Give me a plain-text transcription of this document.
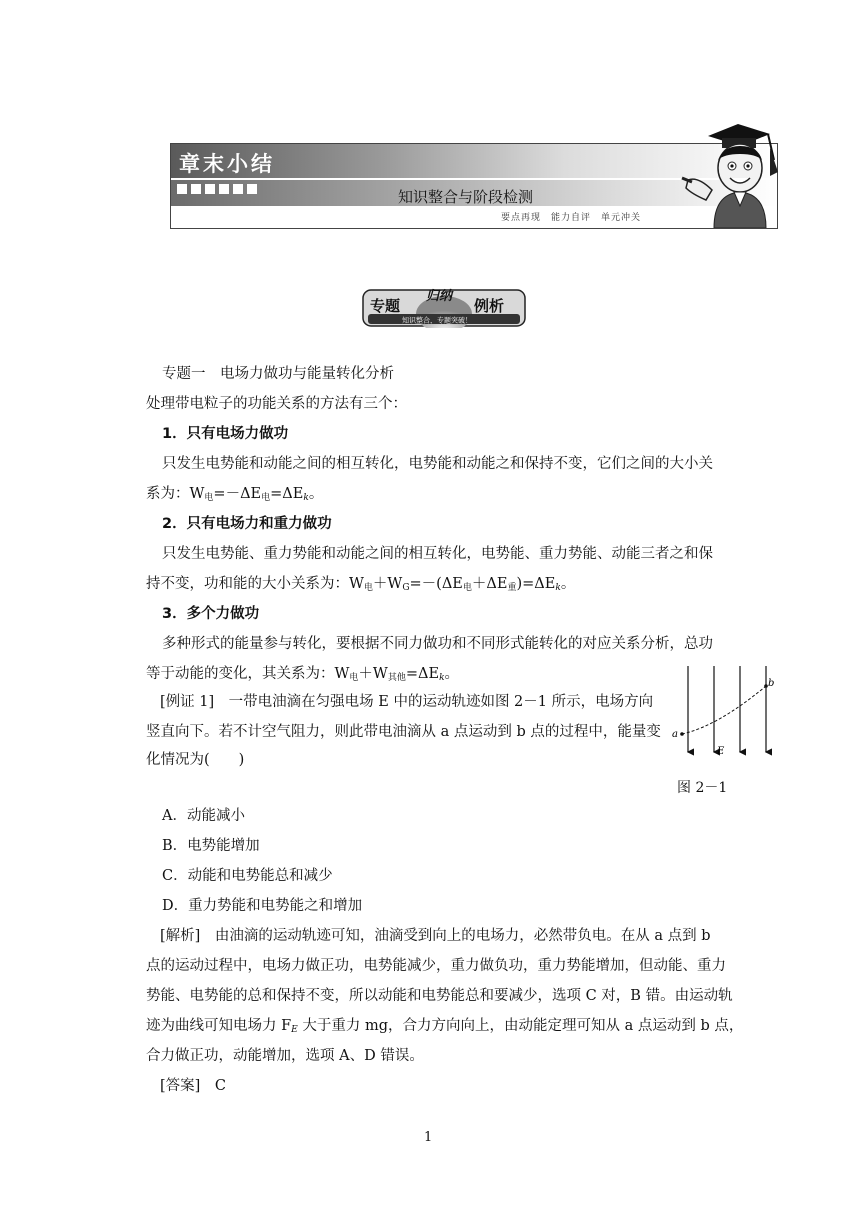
章末小结
知识整合与阶段检测
要点再现　能力自评　单元冲关
专题
归纳
例析
知识整合，专题突破！
专题一　电场力做功与能量转化分析
处理带电粒子的功能关系的方法有三个：
1．只有电场力做功
只发生电势能和动能之间的相互转化，电势能和动能之和保持不变，它们之间的大小关
系为：$W_电=-\Delta E_电=\Delta E_k$。
2．只有电场力和重力做功
只发生电势能、重力势能和动能之间的相互转化，电势能、重力势能、动能三者之和保
持不变，功和能的大小关系为：$W_电+W_G=-(\Delta E_电+\Delta E_重)=\Delta E_k$。
3．多个力做功
多种形式的能量参与转化，要根据不同力做功和不同形式能转化的对应关系分析，总功
等于动能的变化，其关系为：$W_电+W_{其他}=\Delta E_k$。
[例证 1]　一带电油滴在匀强电场 E 中的运动轨迹如图 2－1 所示，电场方向
竖直向下。若不计空气阻力，则此带电油滴从 a 点运动到 b 点的过程中，能量变
化情况为(　　)
a
b
E
图 2－1
A．动能减小
B．电势能增加
C．动能和电势能总和减少
D．重力势能和电势能之和增加
[解析]　由油滴的运动轨迹可知，油滴受到向上的电场力，必然带负电。在从 a 点到 b
点的运动过程中，电场力做正功，电势能减少，重力做负功，重力势能增加，但动能、重力
势能、电势能的总和保持不变，所以动能和电势能总和要减少，选项 C 对，B 错。由运动轨
迹为曲线可知电场力 $F_E$ 大于重力 mg，合力方向向上，由动能定理可知从 a 点运动到 b 点，
合力做正功，动能增加，选项 A、D 错误。
[答案]　C
1
